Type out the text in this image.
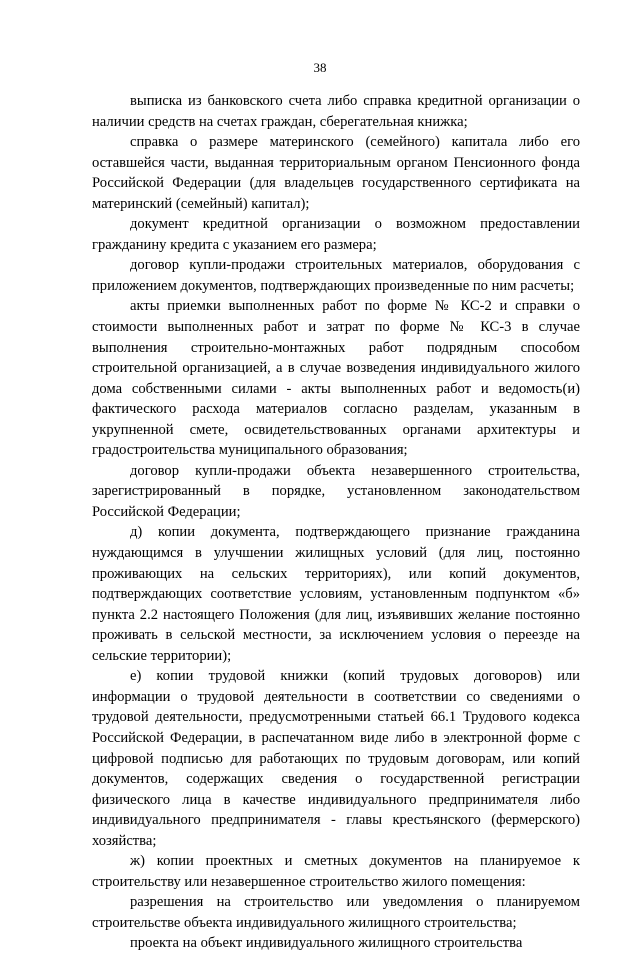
38

выписка из банковского счета либо справка кредитной организации о наличии средств на счетах граждан, сберегательная книжка;

справка о размере материнского (семейного) капитала либо его оставшейся части, выданная территориальным органом Пенсионного фонда Российской Федерации (для владельцев государственного сертификата на материнский (семейный) капитал);

документ кредитной организации о возможном предоставлении гражданину кредита с указанием его размера;

договор купли-продажи строительных материалов, оборудования с приложением документов, подтверждающих произведенные по ним расчеты;

акты приемки выполненных работ по форме № КС-2 и справки о стоимости выполненных работ и затрат по форме № КС-3 в случае выполнения строительно-монтажных работ подрядным способом строительной организацией, а в случае возведения индивидуального жилого дома собственными силами - акты выполненных работ и ведомость(и) фактического расхода материалов согласно разделам, указанным в укрупненной смете, освидетельствованных органами архитектуры и градостроительства муниципального образования;

договор купли-продажи объекта незавершенного строительства, зарегистрированный в порядке, установленном законодательством Российской Федерации;

д) копии документа, подтверждающего признание гражданина нуждающимся в улучшении жилищных условий (для лиц, постоянно проживающих на сельских территориях), или копий документов, подтверждающих соответствие условиям, установленным подпунктом «б» пункта 2.2 настоящего Положения (для лиц, изъявивших желание постоянно проживать в сельской местности, за исключением условия о переезде на сельские территории);

е) копии трудовой книжки (копий трудовых договоров) или информации о трудовой деятельности в соответствии со сведениями о трудовой деятельности, предусмотренными статьей 66.1 Трудового кодекса Российской Федерации, в распечатанном виде либо в электронной форме с цифровой подписью для работающих по трудовым договорам, или копий документов, содержащих сведения о государственной регистрации физического лица в качестве индивидуального предпринимателя либо индивидуального предпринимателя - главы крестьянского (фермерского) хозяйства;

ж) копии проектных и сметных документов на планируемое к строительству или незавершенное строительство жилого помещения:

разрешения на строительство или уведомления о планируемом строительстве объекта индивидуального жилищного строительства;

проекта на объект индивидуального жилищного строительства
